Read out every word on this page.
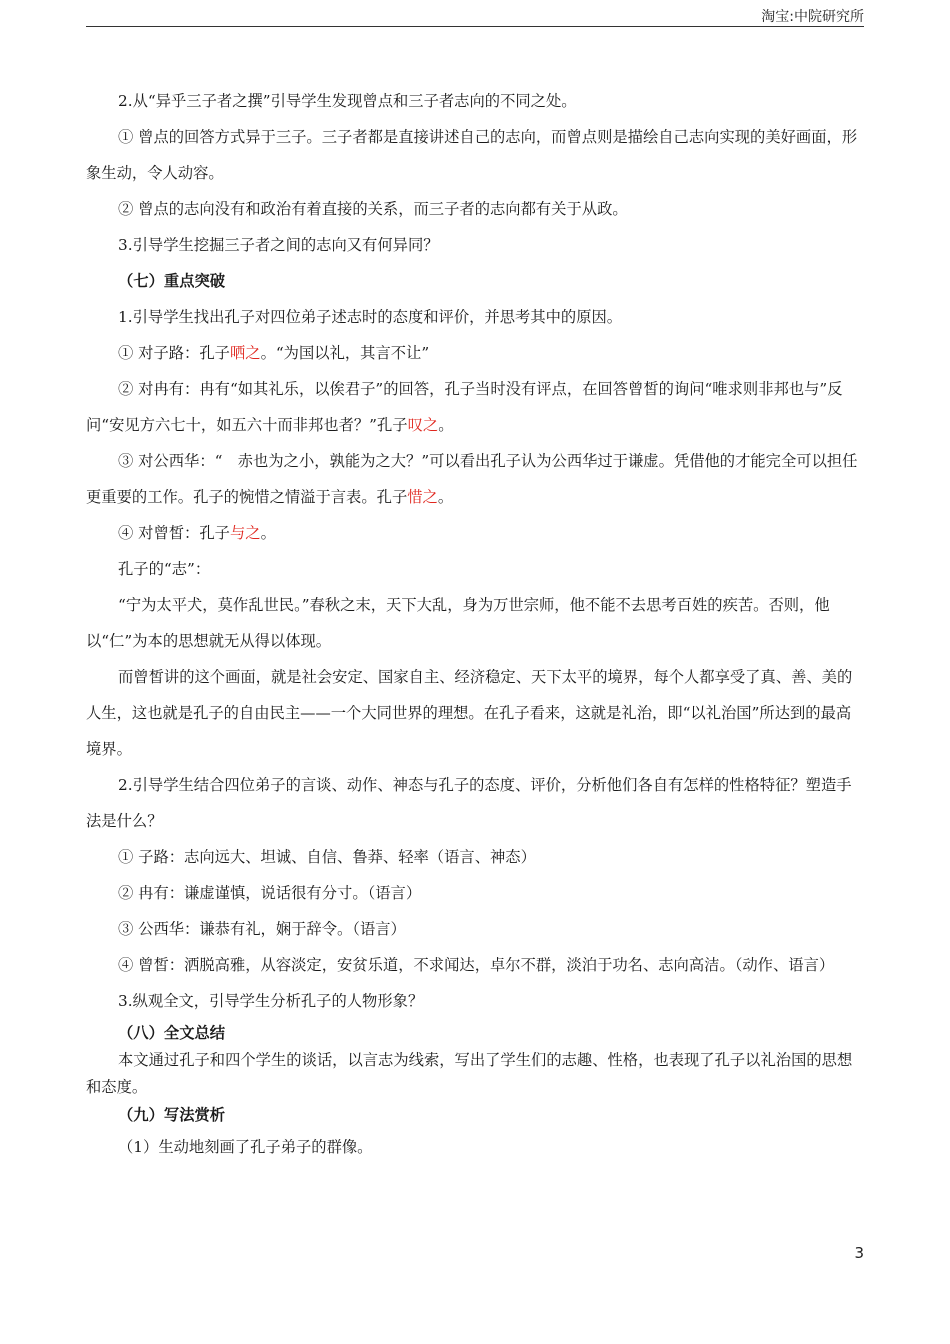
淘宝:中院研究所

2.从“异乎三子者之撰”引导学生发现曾点和三子者志向的不同之处。

① 曾点的回答方式异于三子。三子者都是直接讲述自己的志向，而曾点则是描绘自己志向实现的美好画面，形象生动，令人动容。

② 曾点的志向没有和政治有着直接的关系，而三子者的志向都有关于从政。

3.引导学生挖掘三子者之间的志向又有何异同？

（七）重点突破

1.引导学生找出孔子对四位弟子述志时的态度和评价，并思考其中的原因。

① 对子路：孔子哂之。“为国以礼，其言不让”

② 对冉有：冉有“如其礼乐，以俟君子”的回答，孔子当时没有评点，在回答曾皙的询问“唯求则非邦也与”反问“安见方六七十，如五六十而非邦也者？”孔子叹之。

③ 对公西华：“　赤也为之小，孰能为之大？”可以看出孔子认为公西华过于谦虚。凭借他的才能完全可以担任更重要的工作。孔子的惋惜之情溢于言表。孔子惜之。

④ 对曾皙：孔子与之。

孔子的“志”：

“宁为太平犬，莫作乱世民。”春秋之末，天下大乱，身为万世宗师，他不能不去思考百姓的疾苦。否则，他以“仁”为本的思想就无从得以体现。

而曾皙讲的这个画面，就是社会安定、国家自主、经济稳定、天下太平的境界，每个人都享受了真、善、美的人生，这也就是孔子的自由民主——一个大同世界的理想。在孔子看来，这就是礼治，即“以礼治国”所达到的最高境界。

2.引导学生结合四位弟子的言谈、动作、神态与孔子的态度、评价，分析他们各自有怎样的性格特征？塑造手法是什么？

① 子路：志向远大、坦诚、自信、鲁莽、轻率（语言、神态）

② 冉有：谦虚谨慎，说话很有分寸。（语言）

③ 公西华：谦恭有礼，娴于辞令。（语言）

④ 曾皙：洒脱高雅，从容淡定，安贫乐道，不求闻达，卓尔不群，淡泊于功名、志向高洁。（动作、语言）

3.纵观全文，引导学生分析孔子的人物形象？

（八）全文总结

本文通过孔子和四个学生的谈话，以言志为线索，写出了学生们的志趣、性格，也表现了孔子以礼治国的思想和态度。

（九）写法赏析

（1）生动地刻画了孔子弟子的群像。

3
